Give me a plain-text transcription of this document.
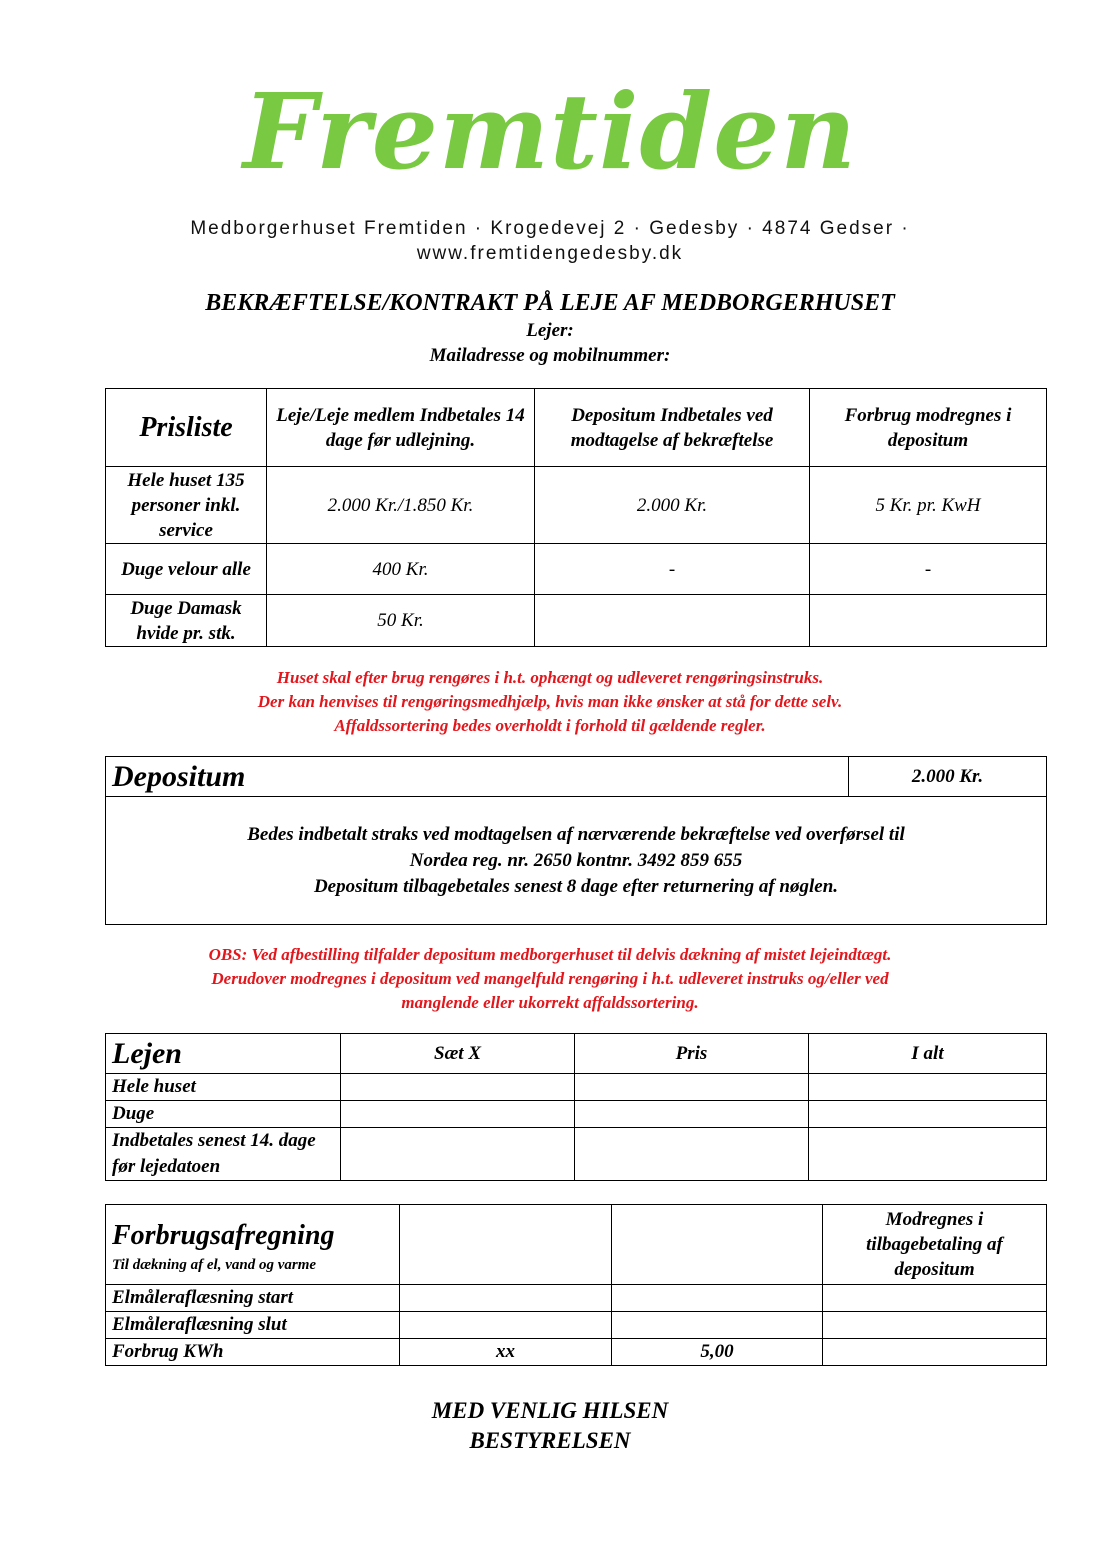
Fremtiden
Medborgerhuset Fremtiden · Krogedevej 2 · Gedesby · 4874 Gedser ·
www.fremtidengedesby.dk
BEKRÆFTELSE/KONTRAKT PÅ LEJE AF MEDBORGERHUSET
Lejer:
Mailadresse og mobilnummer:
Prisliste	Leje/Leje medlem Indbetales 14 dage før udlejning.	Depositum Indbetales ved modtagelse af bekræftelse	Forbrug modregnes i depositum
Hele huset 135 personer inkl. service	2.000 Kr./1.850 Kr.	2.000 Kr.	5 Kr. pr. KwH
Duge velour alle	400 Kr.	-	-
Duge Damask hvide pr. stk.	50 Kr.		
Huset skal efter brug rengøres i h.t. ophængt og udleveret rengøringsinstruks.
Der kan henvises til rengøringsmedhjælp, hvis man ikke ønsker at stå for dette selv.
Affaldssortering bedes overholdt i forhold til gældende regler.
Depositum	2.000 Kr.

Bedes indbetalt straks ved modtagelsen af nærværende bekræftelse ved overførsel til
Nordea reg. nr. 2650 kontnr. 3492 859 655
Depositum tilbagebetales senest 8 dage efter returnering af nøglen.
OBS: Ved afbestilling tilfalder depositum medborgerhuset til delvis dækning af mistet lejeindtægt.
Derudover modregnes i depositum ved mangelfuld rengøring i h.t. udleveret instruks og/eller ved
manglende eller ukorrekt affaldssortering.
Lejen	Sæt X	Pris	I alt
Hele huset			
Duge			
Indbetales senest 14. dage før lejedatoen			
Forbrugsafregning
Til dækning af el, vand og varme			Modregnes i tilbagebetaling af depositum
Elmåleraflæsning start			
Elmåleraflæsning slut			
Forbrug KWh	xx	5,00	
MED VENLIG HILSEN
BESTYRELSEN
